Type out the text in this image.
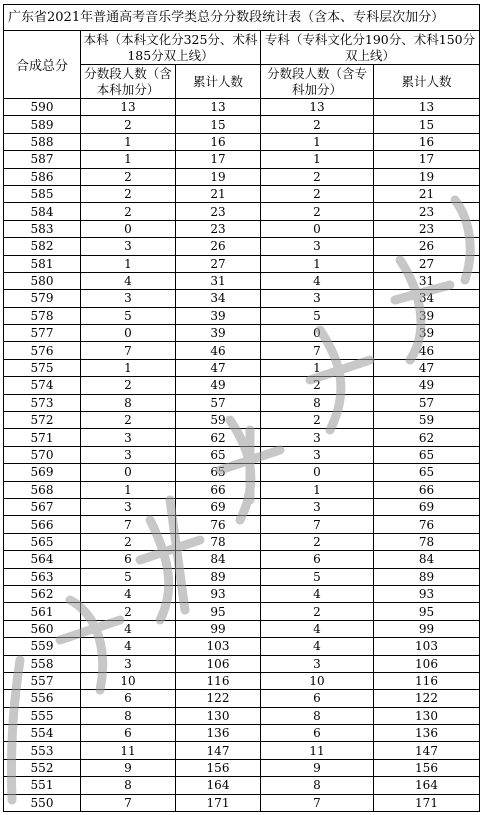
广东省2021年普通高考音乐学类总分分数段统计表（含本、专科层次加分）				
合成总分	本科（本科文化分325分、术科185分双上线）		专科（专科文化分190分、术科150分双上线）	
	分数段人数（含本科加分）	累计人数	分数段人数（含专科加分）	累计人数
590	13	13	13	13
589	2	15	2	15
588	1	16	1	16
587	1	17	1	17
586	2	19	2	19
585	2	21	2	21
584	2	23	2	23
583	0	23	0	23
582	3	26	3	26
581	1	27	1	27
580	4	31	4	31
579	3	34	3	34
578	5	39	5	39
577	0	39	0	39
576	7	46	7	46
575	1	47	1	47
574	2	49	2	49
573	8	57	8	57
572	2	59	2	59
571	3	62	3	62
570	3	65	3	65
569	0	65	0	65
568	1	66	1	66
567	3	69	3	69
566	7	76	7	76
565	2	78	2	78
564	6	84	6	84
563	5	89	5	89
562	4	93	4	93
561	2	95	2	95
560	4	99	4	99
559	4	103	4	103
558	3	106	3	106
557	10	116	10	116
556	6	122	6	122
555	8	130	8	130
554	6	136	6	136
553	11	147	11	147
552	9	156	9	156
551	8	164	8	164
550	7	171	7	171
